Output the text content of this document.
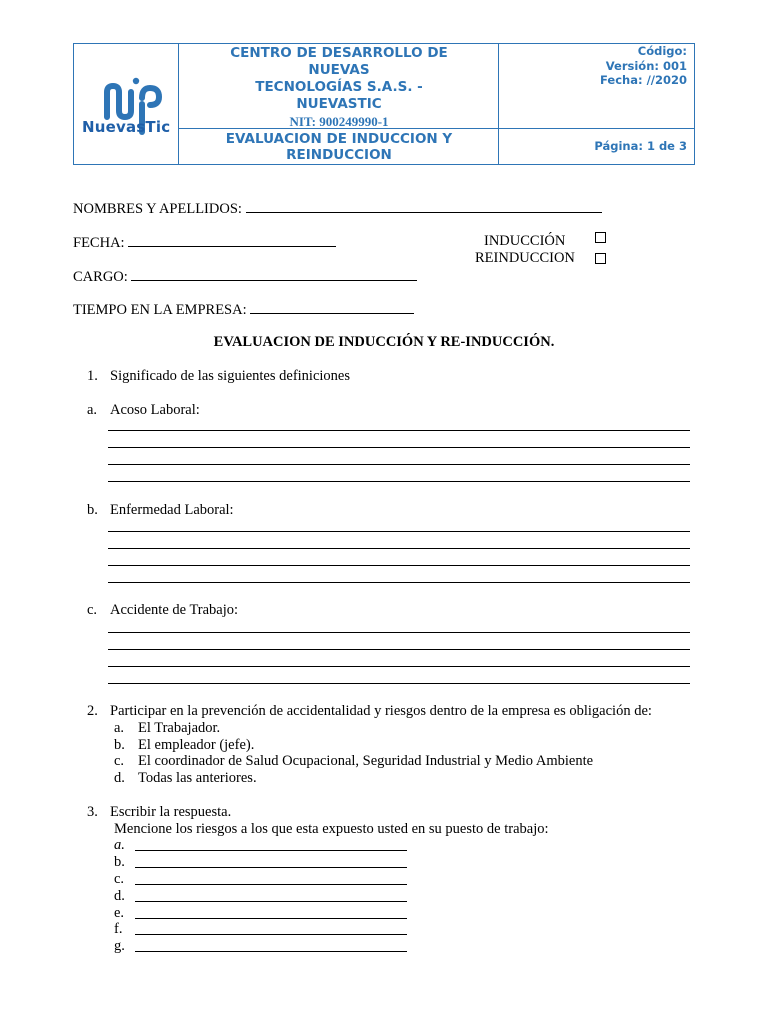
NuevasTic
CENTRO DE DESARROLLO DE
NUEVAS
TECNOLOGÍAS S.A.S. -
NUEVASTIC
NIT: 900249990-1
EVALUACION DE INDUCCION Y
REINDUCCION
Código:
Versión: 001
Fecha: //2020
Página: 1 de 3
NOMBRES Y APELLIDOS:
FECHA:	INDUCCIÓN
REINDUCCION
CARGO:
TIEMPO EN LA EMPRESA:
EVALUACION DE INDUCCIÓN Y RE-INDUCCIÓN.
1. Significado de las siguientes definiciones
a. Acoso Laboral:
b. Enfermedad Laboral:
c. Accidente de Trabajo:
2. Participar en la prevención de accidentalidad y riesgos dentro de la empresa es obligación de:
a. El Trabajador.
b. El empleador (jefe).
c. El coordinador de Salud Ocupacional, Seguridad Industrial y Medio Ambiente
d. Todas las anteriores.
3. Escribir la respuesta.
Mencione los riesgos a los que esta expuesto usted en su puesto de trabajo:
a.
b.
c.
d.
e.
f.
g.
